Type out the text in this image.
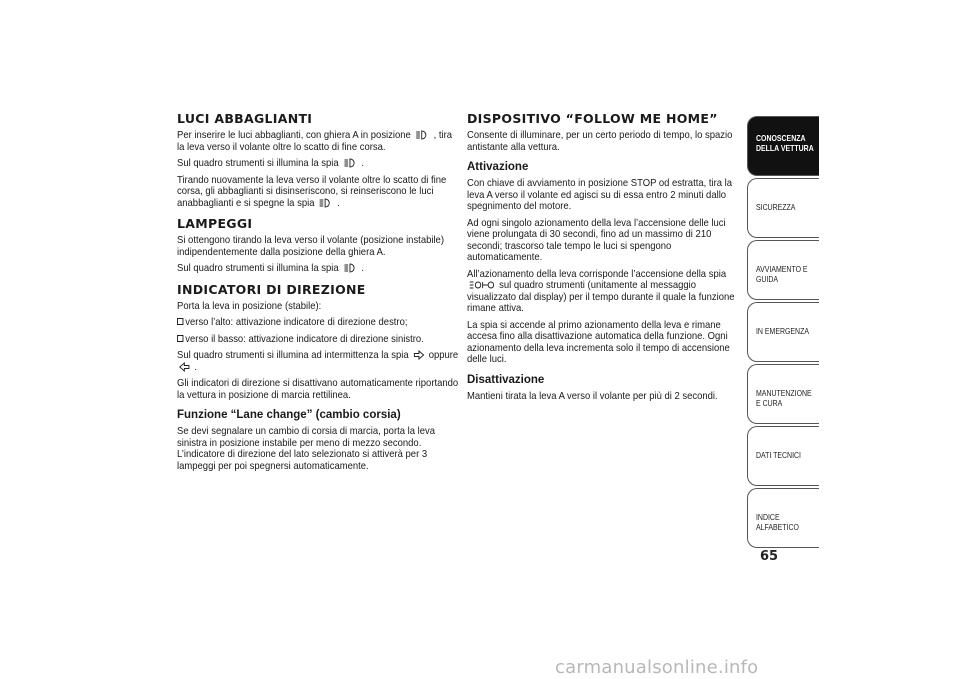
LUCI ABBAGLIANTI

Per inserire le luci abbaglianti, con ghiera A in posizione , tira la leva verso il volante oltre lo scatto di fine corsa.

Sul quadro strumenti si illumina la spia .

Tirando nuovamente la leva verso il volante oltre lo scatto di fine corsa, gli abbaglianti si disinseriscono, si reinseriscono le luci anabbaglianti e si spegne la spia .

LAMPEGGI

Si ottengono tirando la leva verso il volante (posizione instabile) indipendentemente dalla posizione della ghiera A.

Sul quadro strumenti si illumina la spia .

INDICATORI DI DIREZIONE

Porta la leva in posizione (stabile):

verso l’alto: attivazione indicatore di direzione destro;

verso il basso: attivazione indicatore di direzione sinistro.

Sul quadro strumenti si illumina ad intermittenza la spia oppure
.

Gli indicatori di direzione si disattivano automaticamente riportando la vettura in posizione di marcia rettilinea.

Funzione “Lane change” (cambio corsia)

Se devi segnalare un cambio di corsia di marcia, porta la leva sinistra in posizione instabile per meno di mezzo secondo. L’indicatore di direzione del lato selezionato si attiverà per 3 lampeggi per poi spegnersi automaticamente.

DISPOSITIVO “FOLLOW ME HOME”

Consente di illuminare, per un certo periodo di tempo, lo spazio antistante alla vettura.

Attivazione

Con chiave di avviamento in posizione STOP od estratta, tira la leva A verso il volante ed agisci su di essa entro 2 minuti dallo spegnimento del motore.

Ad ogni singolo azionamento della leva l’accensione delle luci viene prolungata di 30 secondi, fino ad un massimo di 210 secondi; trascorso tale tempo le luci si spengono automaticamente.

All’azionamento della leva corrisponde l’accensione della spia
sul quadro strumenti (unitamente al messaggio visualizzato dal display) per il tempo durante il quale la funzione rimane attiva.

La spia si accende al primo azionamento della leva e rimane accesa fino alla disattivazione automatica della funzione. Ogni azionamento della leva incrementa solo il tempo di accensione delle luci.

Disattivazione

Mantieni tirata la leva A verso il volante per più di 2 secondi.

CONOSCENZA DELLA VETTURA
SICUREZZA
AVVIAMENTO E GUIDA
IN EMERGENZA
MANUTENZIONE E CURA
DATI TECNICI
INDICE ALFABETICO
65
carmanualsonline.info
